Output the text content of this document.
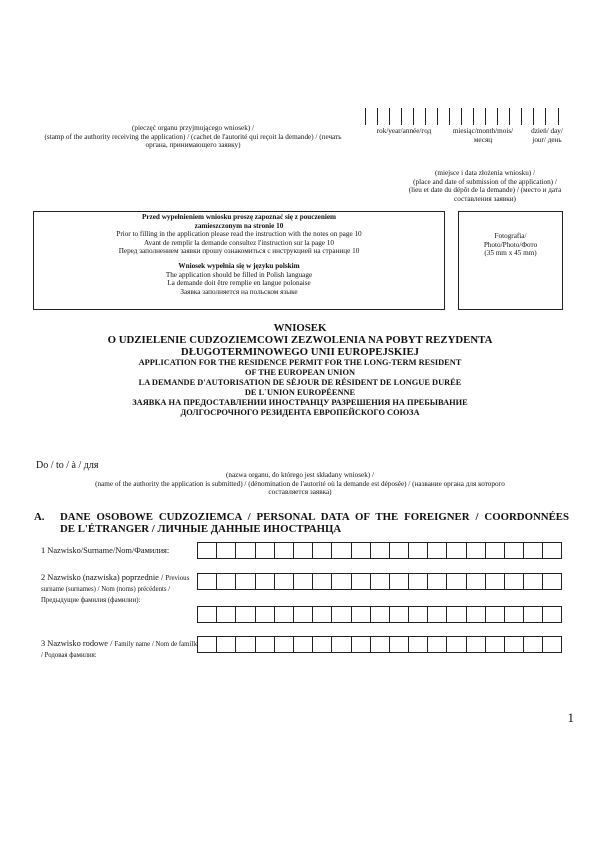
(pieczęć organu przyjmującego wniosek) /
(stamp of the authority receiving the application) / (cachet de l'autorité qui reçoit la demande) / (печать
органа, принимающего заявку)
rok/year/année/год	miesiąc/month/mois/ месяц
dzień/ day/ jour/ день
(miejsce i data złożenia wniosku) /
(place and date of submission of the application) /
(lieu et date du dépôt de la demande) / (место и дата
составления заявки)
Przed wypełnieniem wniosku proszę zapoznać się z pouczeniem
zamieszczonym na stronie 10
Prior to filling in the application please read the instruction with the notes on page 10
Avant de remplir la demande consultez l'instruction sur la page 10
Перед заполнением заявки прошу ознакомиться с инструкцией на странице 10
Wniosek wypełnia się w języku polskim
The application should be filled in Polish language
La demande doit être remplie en langue polonaise
Заявка заполняется на польском языке
Fotografia/
Photo/Photo/Фото
(35 mm x 45 mm)
WNIOSEK
O UDZIELENIE CUDZOZIEMCOWI ZEZWOLENIA NA POBYT REZYDENTA
DŁUGOTERMINOWEGO UNII EUROPEJSKIEJ
APPLICATION FOR THE RESIDENCE PERMIT FOR THE LONG-TERM RESIDENT
OF THE EUROPEAN UNION
LA DEMANDE D'AUTORISATION DE SÉJOUR DE RÉSIDENT DE LONGUE DURÉE
DE L`UNION EUROPÉENNE
ЗАЯВКА НА ПРЕДОСТАВЛЕНИИ ИНОСТРАНЦУ РАЗРЕШЕНИЯ НА ПРЕБЫВАНИЕ
ДОЛГОСРОЧНОГО РЕЗИДЕНТА ЕВРОПЕЙСКОГО СОЮЗА
Do / to / à / для
(nazwa organu, do którego jest składany wniosek) /
(name of the authority the application is submitted) / (dénomination de l'autorité où la demande est déposée) / (название органа для которого
составляется заявка)
A. DANE OSOBOWE CUDZOZIEMCA / PERSONAL DATA OF THE FOREIGNER / COORDONNÉES
DE L'ÉTRANGER / ЛИЧНЫЕ ДАННЫЕ ИНОСТРАНЦА
1 Nazwisko/Surname/Nom/Фамилия:
2 Nazwisko (nazwiska) poprzednie / Previous surname (surnames) / Nom (noms) précédents / Предыдущие фамилия (фамилии):
3 Nazwisko rodowe / Family name / Nom de famille / Родовая фамилия:
1
